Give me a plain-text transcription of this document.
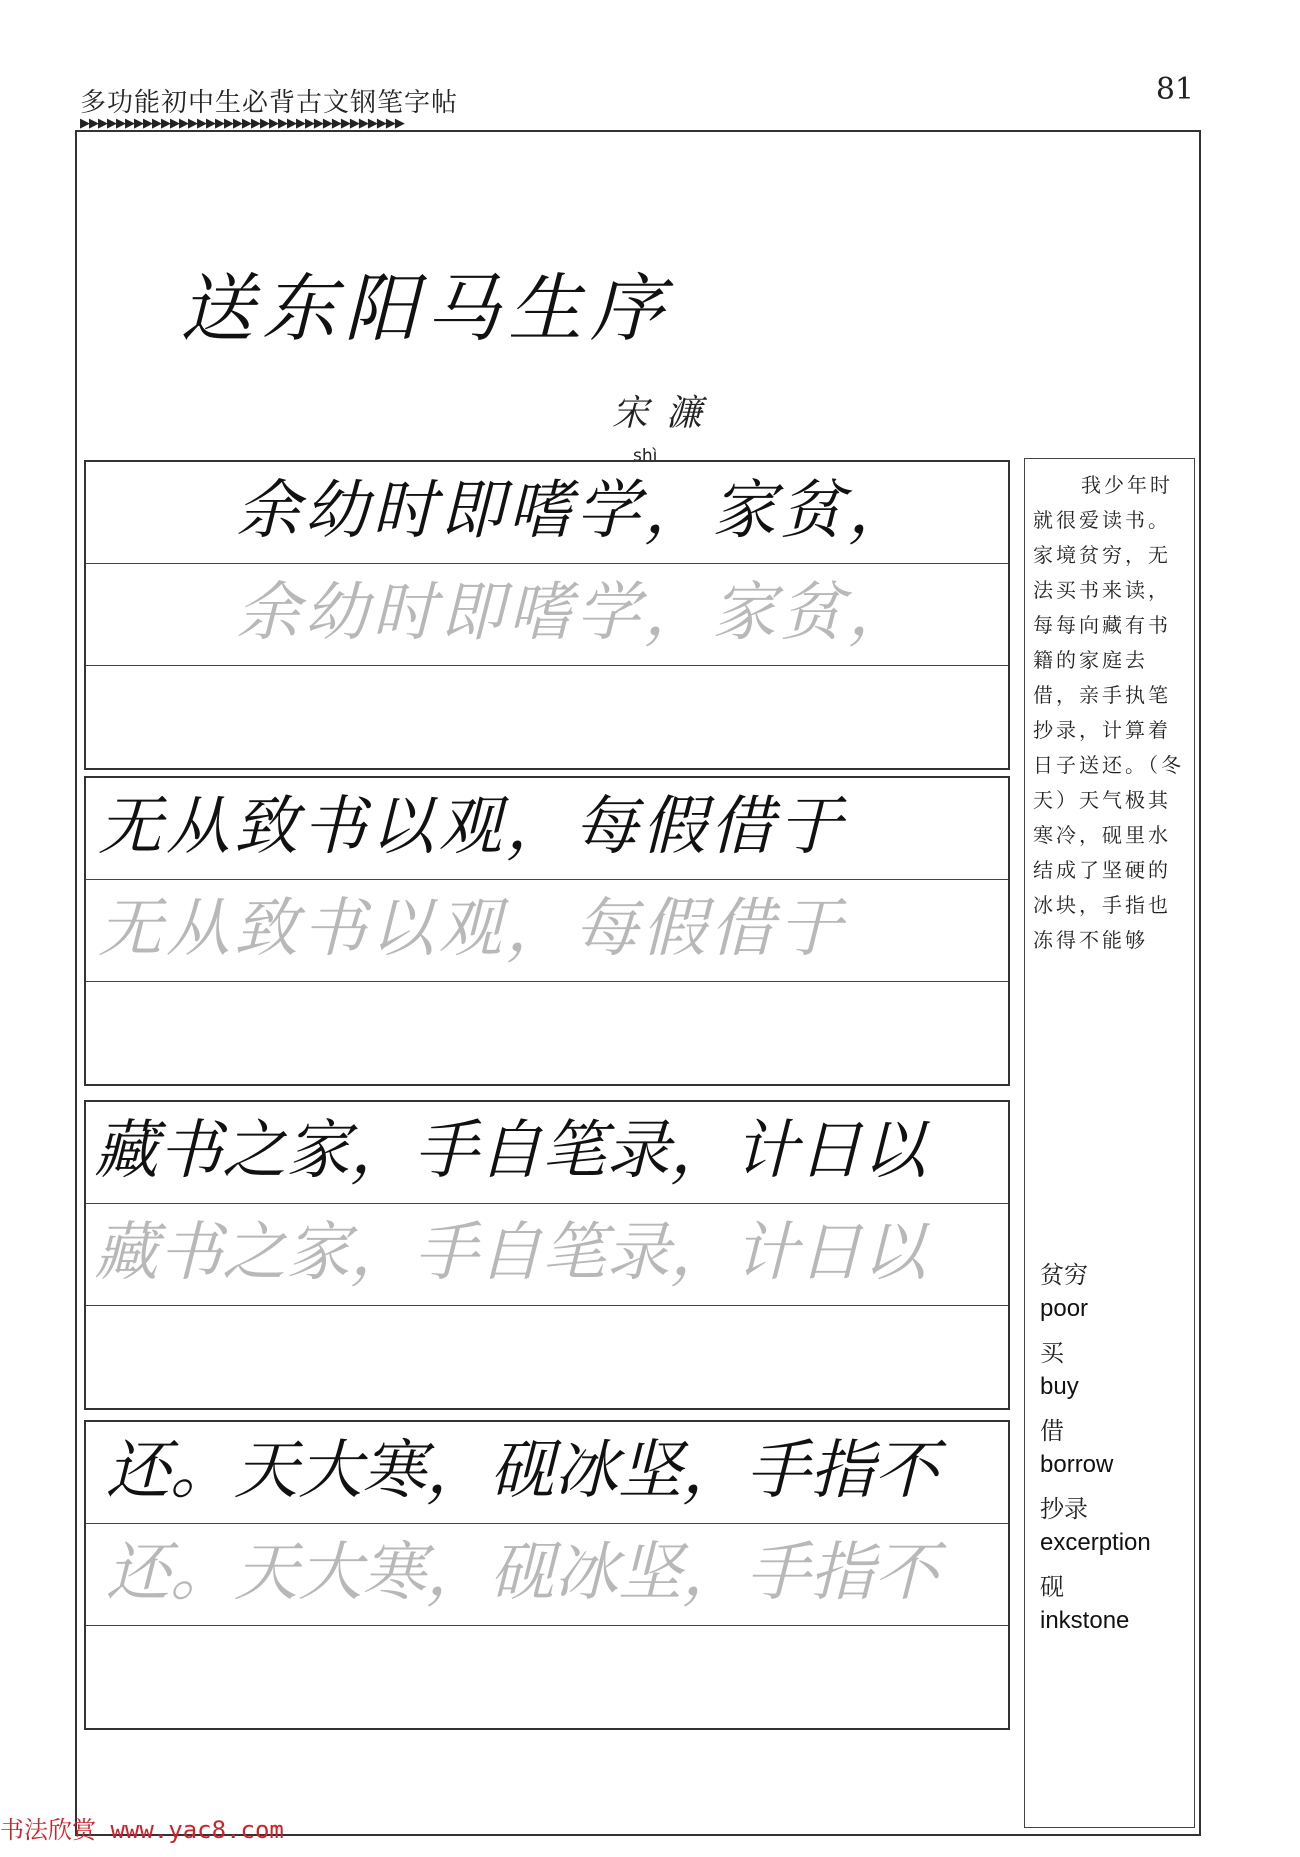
多功能初中生必背古文钢笔字帖
▶▶▶▶▶▶▶▶▶▶▶▶▶▶▶▶▶▶▶▶▶▶▶▶▶▶▶▶▶▶▶▶▶▶▶▶
81
送东阳马生序
宋濂
shì
余幼时即嗜学，家贫，
余幼时即嗜学，家贫，
无从致书以观，每假借于
无从致书以观，每假借于
藏书之家，手自笔录，计日以
藏书之家，手自笔录，计日以
还。天大寒，砚冰坚，手指不
还。天大寒，砚冰坚，手指不
我少年时就很爱读书。家境贫穷，无法买书来读，每每向藏有书籍的家庭去借，亲手执笔抄录，计算着日子送还。（冬天）天气极其寒冷，砚里水结成了坚硬的冰块，手指也冻得不能够
贫穷
poor
买
buy
借
borrow
抄录
excerption
砚
inkstone
书法欣赏 www.yac8.com
